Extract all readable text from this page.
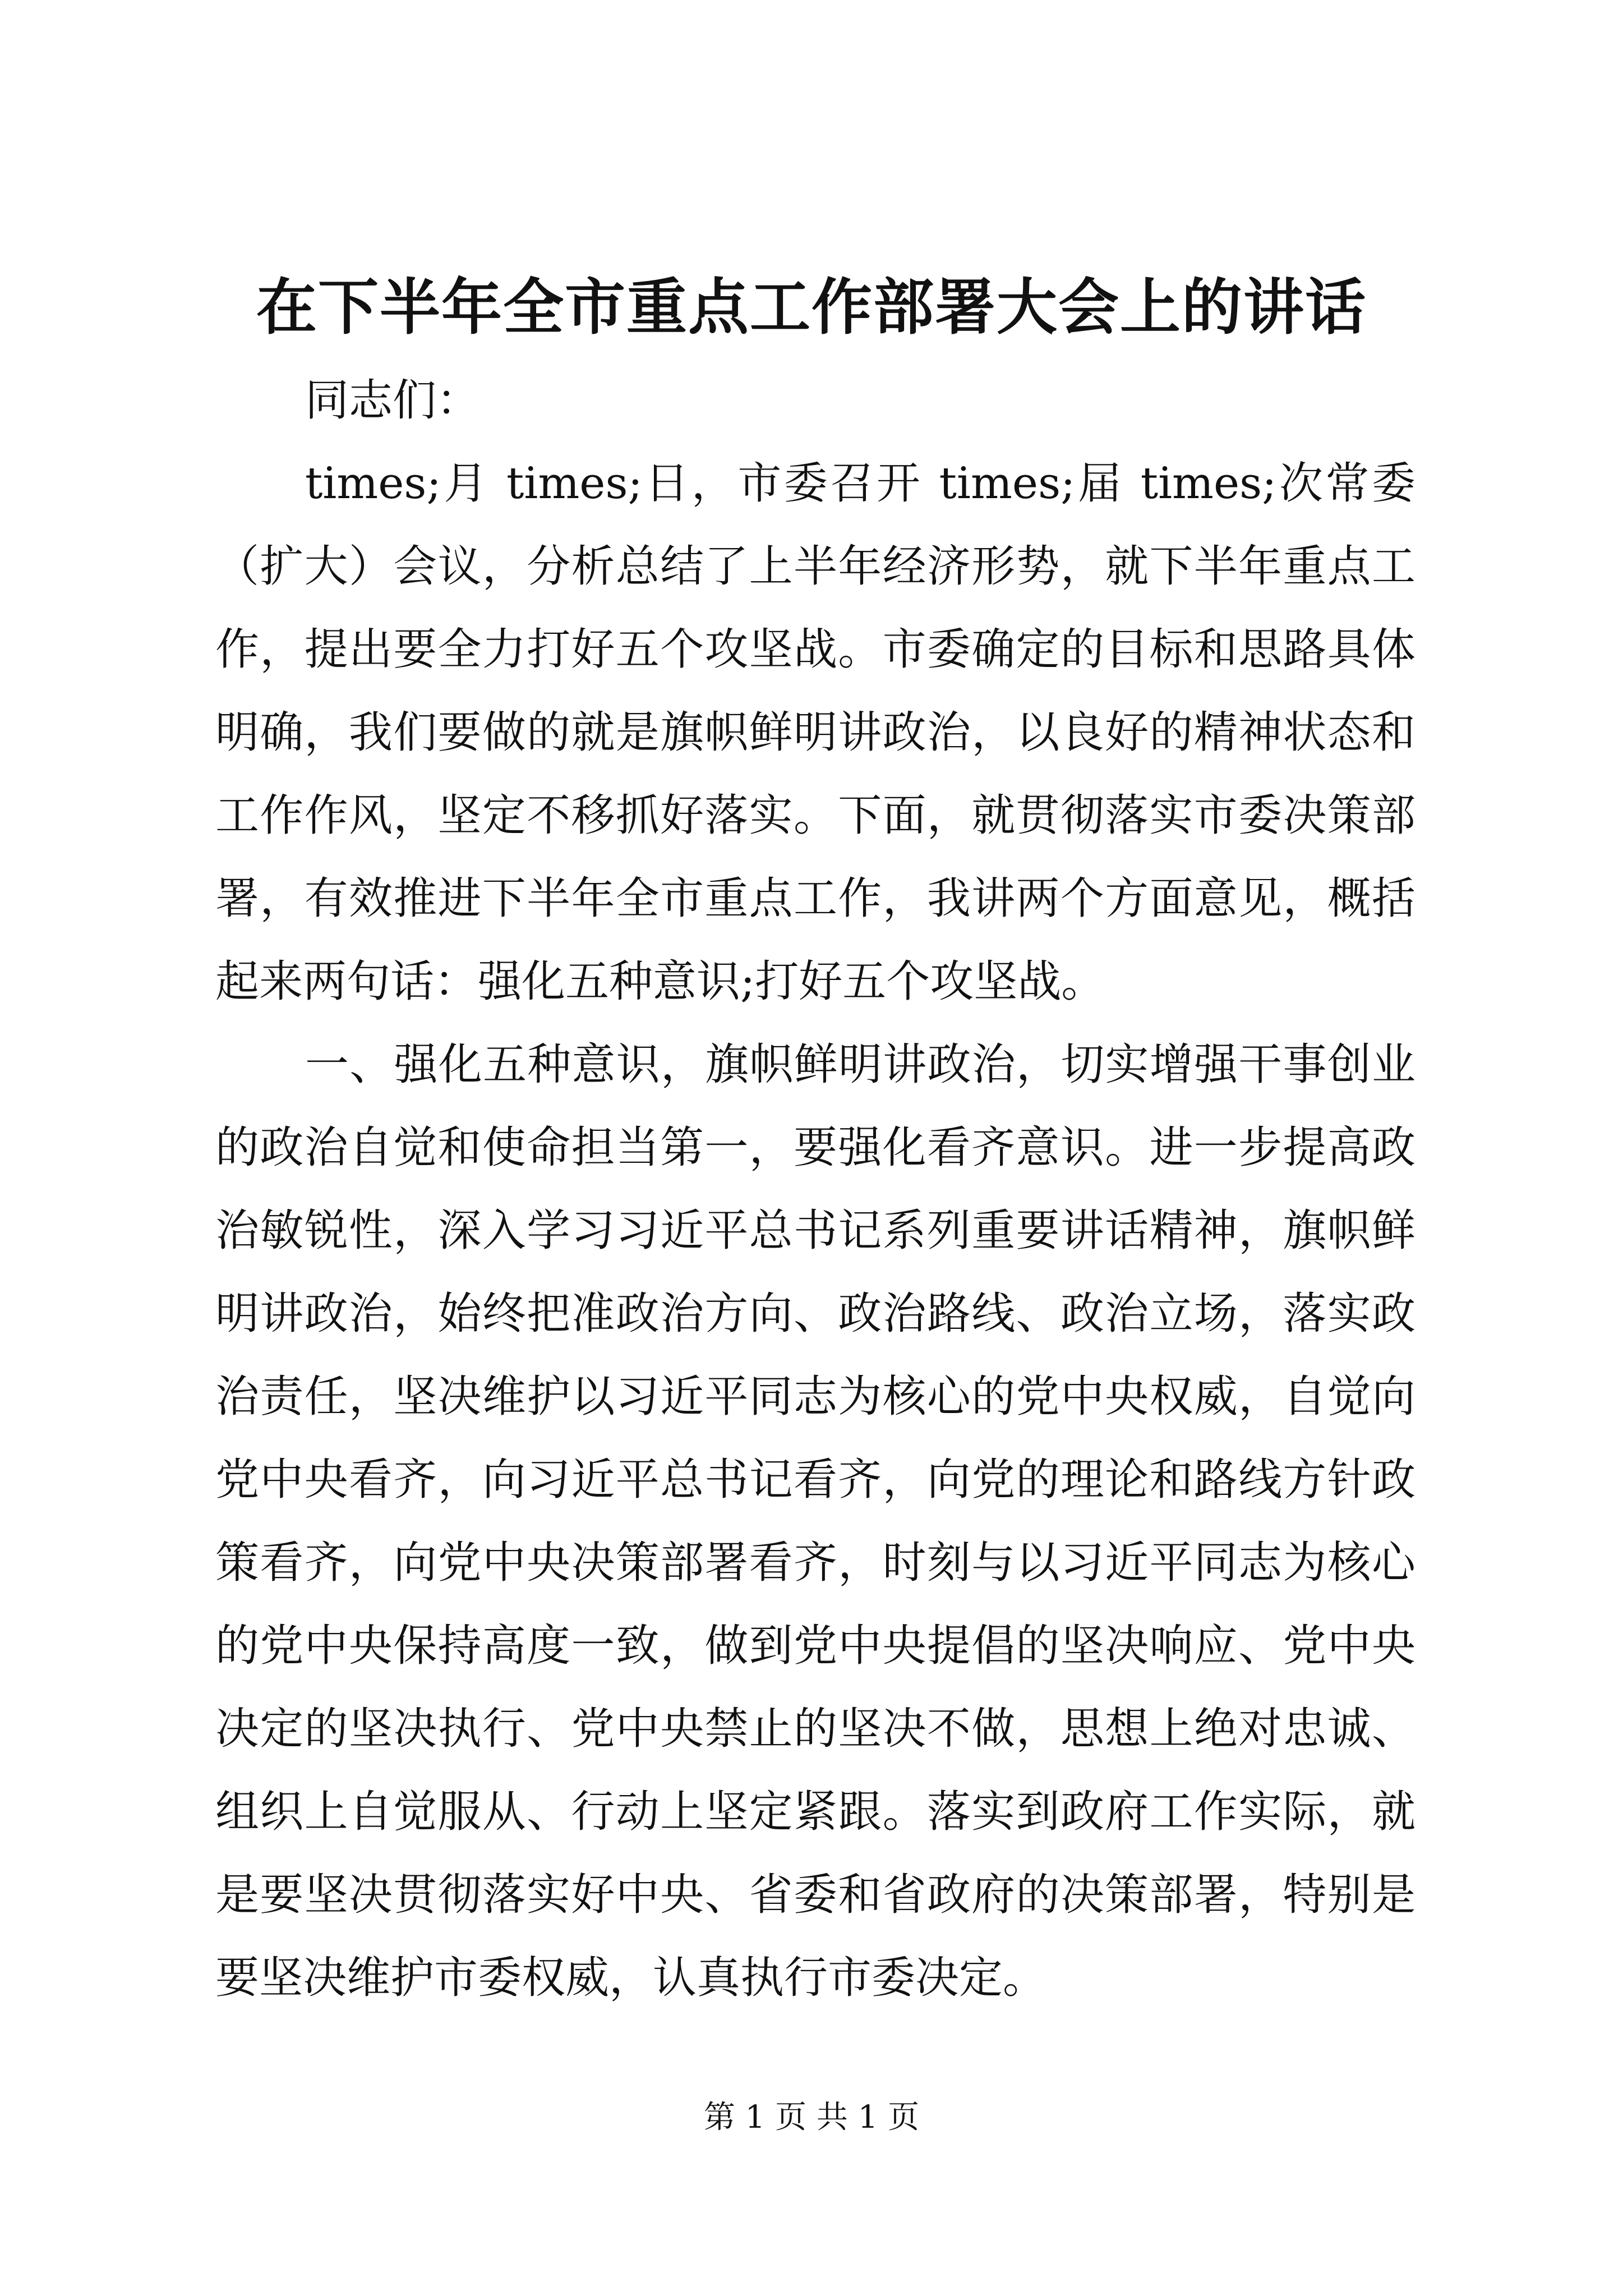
在下半年全市重点工作部署大会上的讲话

同志们：

times;月 times;日，市委召开 times;届 times;次常委（扩大）会议，分析总结了上半年经济形势，就下半年重点工作，提出要全力打好五个攻坚战。市委确定的目标和思路具体明确，我们要做的就是旗帜鲜明讲政治，以良好的精神状态和工作作风，坚定不移抓好落实。下面，就贯彻落实市委决策部署，有效推进下半年全市重点工作，我讲两个方面意见，概括起来两句话：强化五种意识;打好五个攻坚战。

一、强化五种意识，旗帜鲜明讲政治，切实增强干事创业的政治自觉和使命担当第一，要强化看齐意识。进一步提高政治敏锐性，深入学习习近平总书记系列重要讲话精神，旗帜鲜明讲政治，始终把准政治方向、政治路线、政治立场，落实政治责任，坚决维护以习近平同志为核心的党中央权威，自觉向党中央看齐，向习近平总书记看齐，向党的理论和路线方针政策看齐，向党中央决策部署看齐，时刻与以习近平同志为核心的党中央保持高度一致，做到党中央提倡的坚决响应、党中央决定的坚决执行、党中央禁止的坚决不做，思想上绝对忠诚、组织上自觉服从、行动上坚定紧跟。落实到政府工作实际，就是要坚决贯彻落实好中央、省委和省政府的决策部署，特别是要坚决维护市委权威，认真执行市委决定。

第 1 页 共 1 页
